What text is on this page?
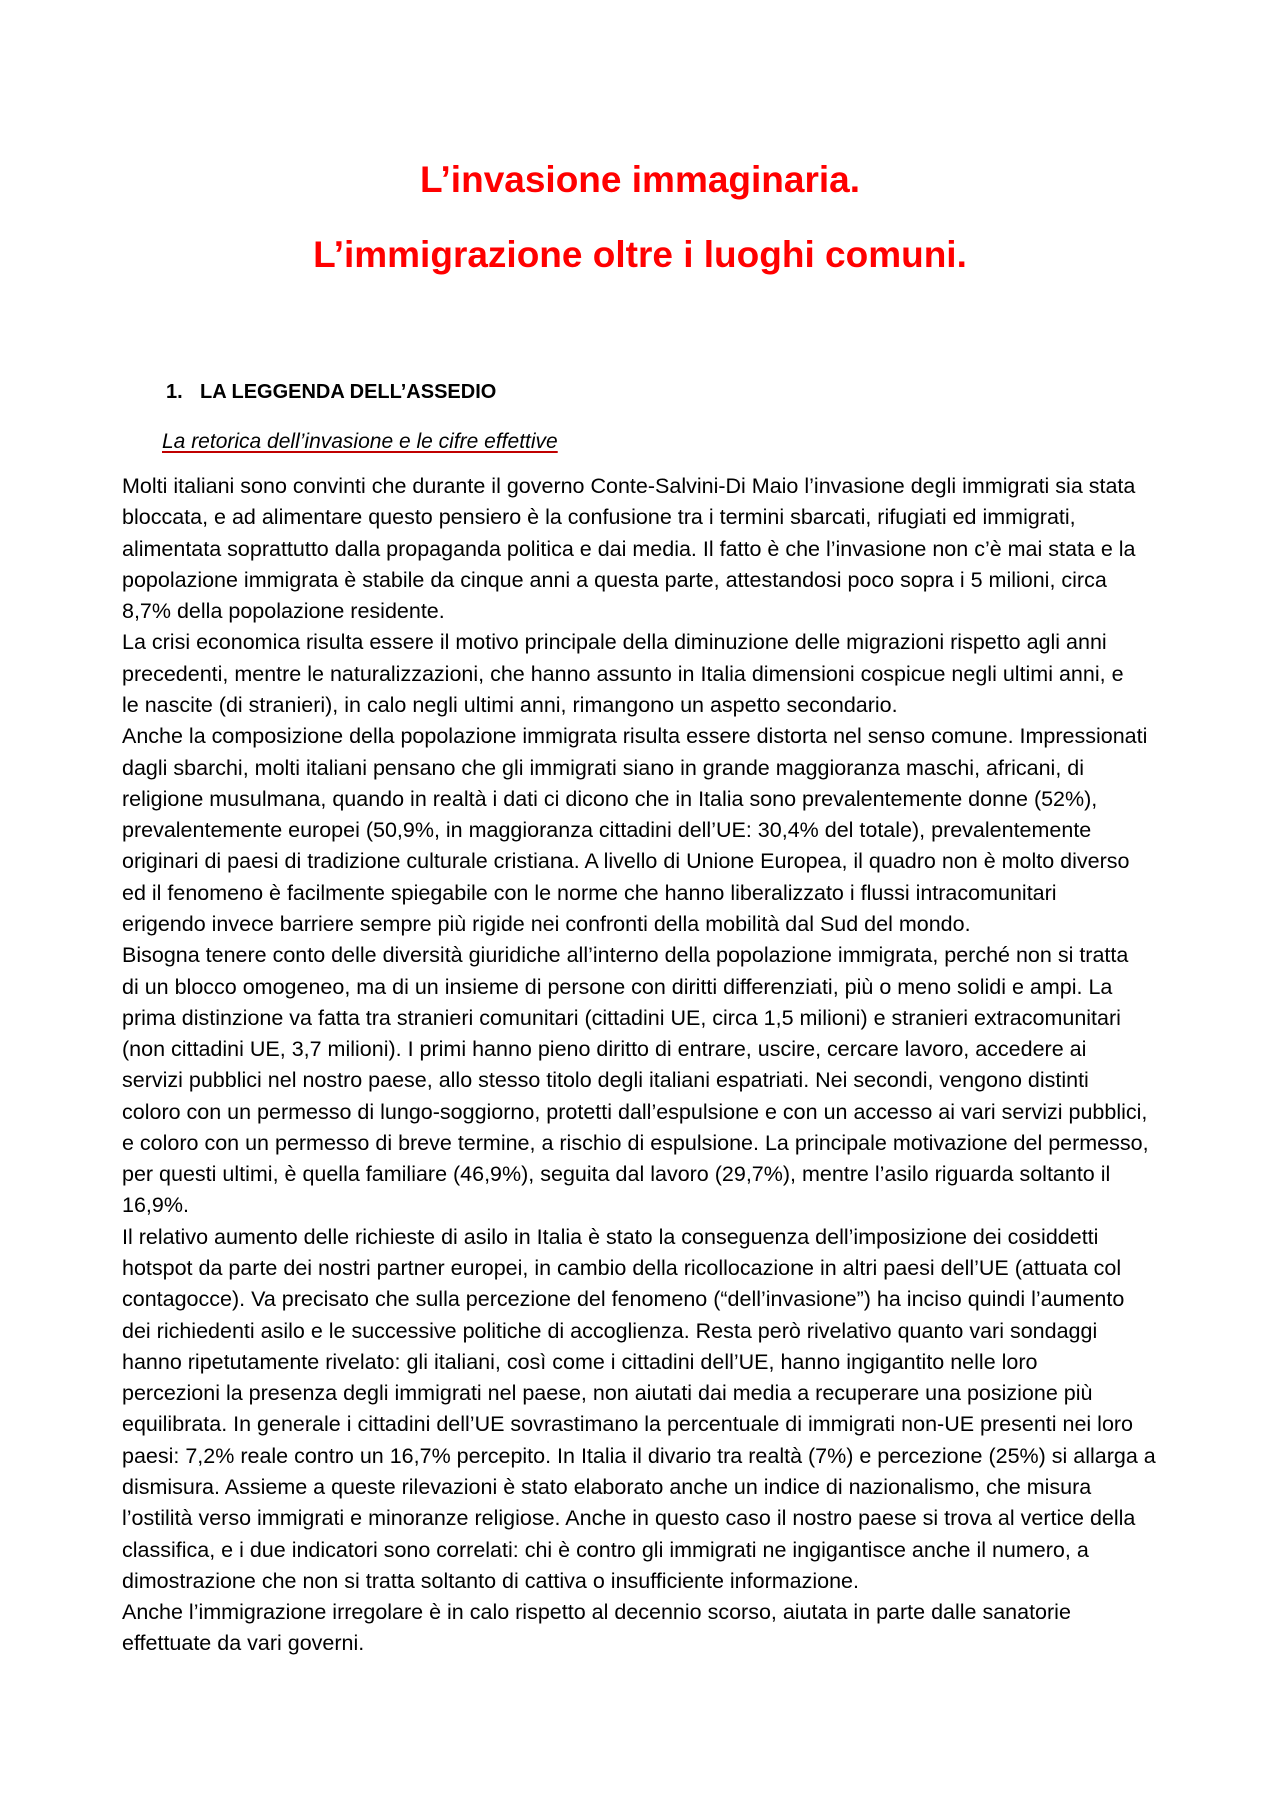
L’invasione immaginaria.
L’immigrazione oltre i luoghi comuni.
1. LA LEGGENDA DELL’ASSEDIO
La retorica dell’invasione e le cifre effettive
Molti italiani sono convinti che durante il governo Conte-Salvini-Di Maio l’invasione degli immigrati sia stata
bloccata, e ad alimentare questo pensiero è la confusione tra i termini sbarcati, rifugiati ed immigrati,
alimentata soprattutto dalla propaganda politica e dai media. Il fatto è che l’invasione non c’è mai stata e la
popolazione immigrata è stabile da cinque anni a questa parte, attestandosi poco sopra i 5 milioni, circa
8,7% della popolazione residente.
La crisi economica risulta essere il motivo principale della diminuzione delle migrazioni rispetto agli anni
precedenti, mentre le naturalizzazioni, che hanno assunto in Italia dimensioni cospicue negli ultimi anni, e
le nascite (di stranieri), in calo negli ultimi anni, rimangono un aspetto secondario.
Anche la composizione della popolazione immigrata risulta essere distorta nel senso comune. Impressionati
dagli sbarchi, molti italiani pensano che gli immigrati siano in grande maggioranza maschi, africani, di
religione musulmana, quando in realtà i dati ci dicono che in Italia sono prevalentemente donne (52%),
prevalentemente europei (50,9%, in maggioranza cittadini dell’UE: 30,4% del totale), prevalentemente
originari di paesi di tradizione culturale cristiana. A livello di Unione Europea, il quadro non è molto diverso
ed il fenomeno è facilmente spiegabile con le norme che hanno liberalizzato i flussi intracomunitari
erigendo invece barriere sempre più rigide nei confronti della mobilità dal Sud del mondo.
Bisogna tenere conto delle diversità giuridiche all’interno della popolazione immigrata, perché non si tratta
di un blocco omogeneo, ma di un insieme di persone con diritti differenziati, più o meno solidi e ampi. La
prima distinzione va fatta tra stranieri comunitari (cittadini UE, circa 1,5 milioni) e stranieri extracomunitari
(non cittadini UE, 3,7 milioni). I primi hanno pieno diritto di entrare, uscire, cercare lavoro, accedere ai
servizi pubblici nel nostro paese, allo stesso titolo degli italiani espatriati. Nei secondi, vengono distinti
coloro con un permesso di lungo-soggiorno, protetti dall’espulsione e con un accesso ai vari servizi pubblici,
e coloro con un permesso di breve termine, a rischio di espulsione. La principale motivazione del permesso,
per questi ultimi, è quella familiare (46,9%), seguita dal lavoro (29,7%), mentre l’asilo riguarda soltanto il
16,9%.
Il relativo aumento delle richieste di asilo in Italia è stato la conseguenza dell’imposizione dei cosiddetti
hotspot da parte dei nostri partner europei, in cambio della ricollocazione in altri paesi dell’UE (attuata col
contagocce). Va precisato che sulla percezione del fenomeno (“dell’invasione”) ha inciso quindi l’aumento
dei richiedenti asilo e le successive politiche di accoglienza. Resta però rivelativo quanto vari sondaggi
hanno ripetutamente rivelato: gli italiani, così come i cittadini dell’UE, hanno ingigantito nelle loro
percezioni la presenza degli immigrati nel paese, non aiutati dai media a recuperare una posizione più
equilibrata. In generale i cittadini dell’UE sovrastimano la percentuale di immigrati non-UE presenti nei loro
paesi: 7,2% reale contro un 16,7% percepito. In Italia il divario tra realtà (7%) e percezione (25%) si allarga a
dismisura. Assieme a queste rilevazioni è stato elaborato anche un indice di nazionalismo, che misura
l’ostilità verso immigrati e minoranze religiose. Anche in questo caso il nostro paese si trova al vertice della
classifica, e i due indicatori sono correlati: chi è contro gli immigrati ne ingigantisce anche il numero, a
dimostrazione che non si tratta soltanto di cattiva o insufficiente informazione.
Anche l’immigrazione irregolare è in calo rispetto al decennio scorso, aiutata in parte dalle sanatorie
effettuate da vari governi.
